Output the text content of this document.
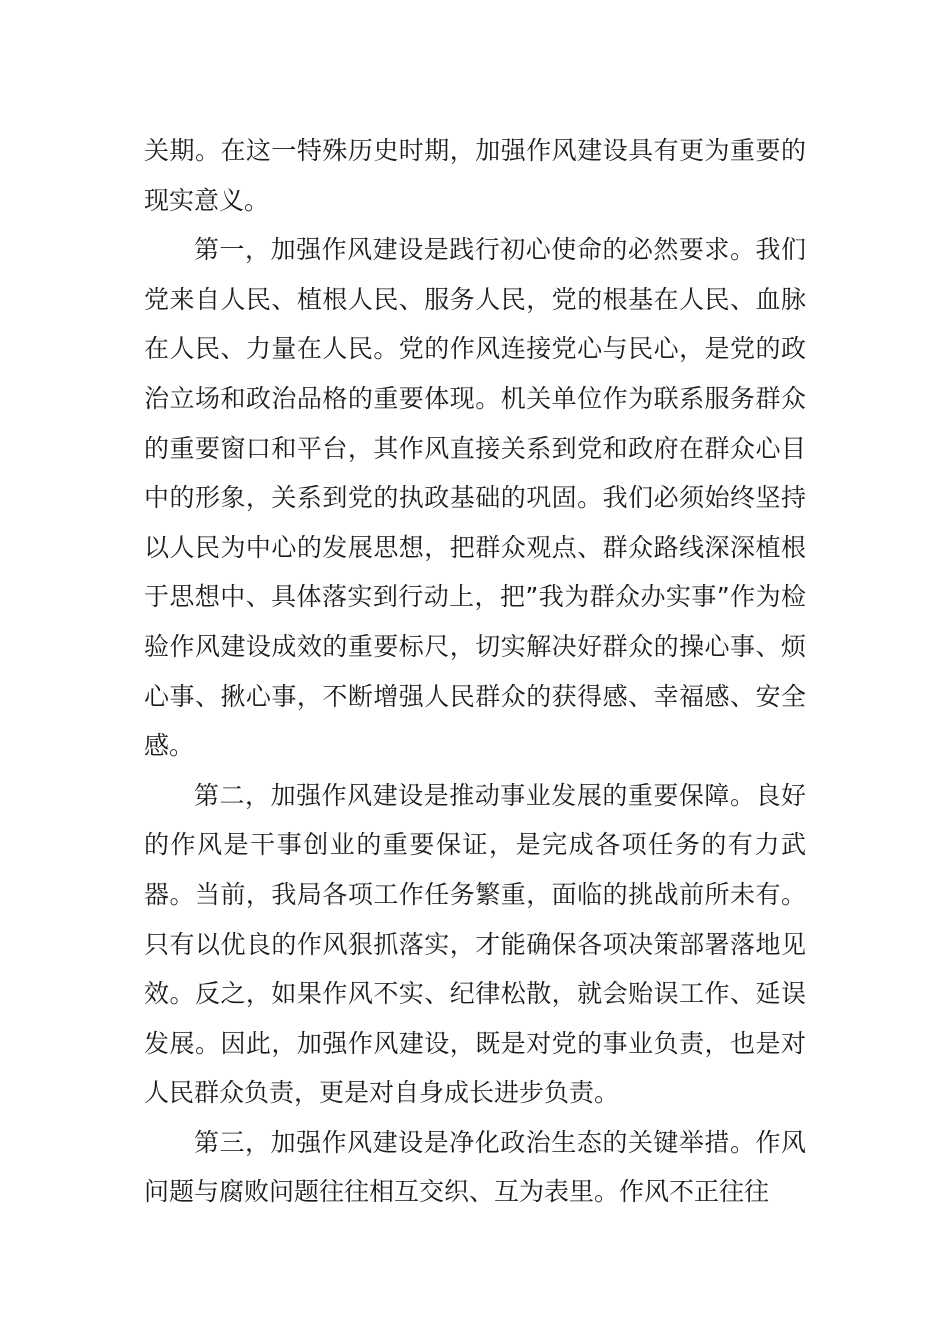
关期。在这一特殊历史时期，加强作风建设具有更为重要的现实意义。

第一，加强作风建设是践行初心使命的必然要求。我们党来自人民、植根人民、服务人民，党的根基在人民、血脉在人民、力量在人民。党的作风连接党心与民心，是党的政治立场和政治品格的重要体现。机关单位作为联系服务群众的重要窗口和平台，其作风直接关系到党和政府在群众心目中的形象，关系到党的执政基础的巩固。我们必须始终坚持以人民为中心的发展思想，把群众观点、群众路线深深植根于思想中、具体落实到行动上，把”我为群众办实事”作为检验作风建设成效的重要标尺，切实解决好群众的操心事、烦心事、揪心事，不断增强人民群众的获得感、幸福感、安全感。

第二，加强作风建设是推动事业发展的重要保障。良好的作风是干事创业的重要保证，是完成各项任务的有力武器。当前，我局各项工作任务繁重，面临的挑战前所未有。只有以优良的作风狠抓落实，才能确保各项决策部署落地见效。反之，如果作风不实、纪律松散，就会贻误工作、延误发展。因此，加强作风建设，既是对党的事业负责，也是对人民群众负责，更是对自身成长进步负责。

第三，加强作风建设是净化政治生态的关键举措。作风问题与腐败问题往往相互交织、互为表里。作风不正往往
